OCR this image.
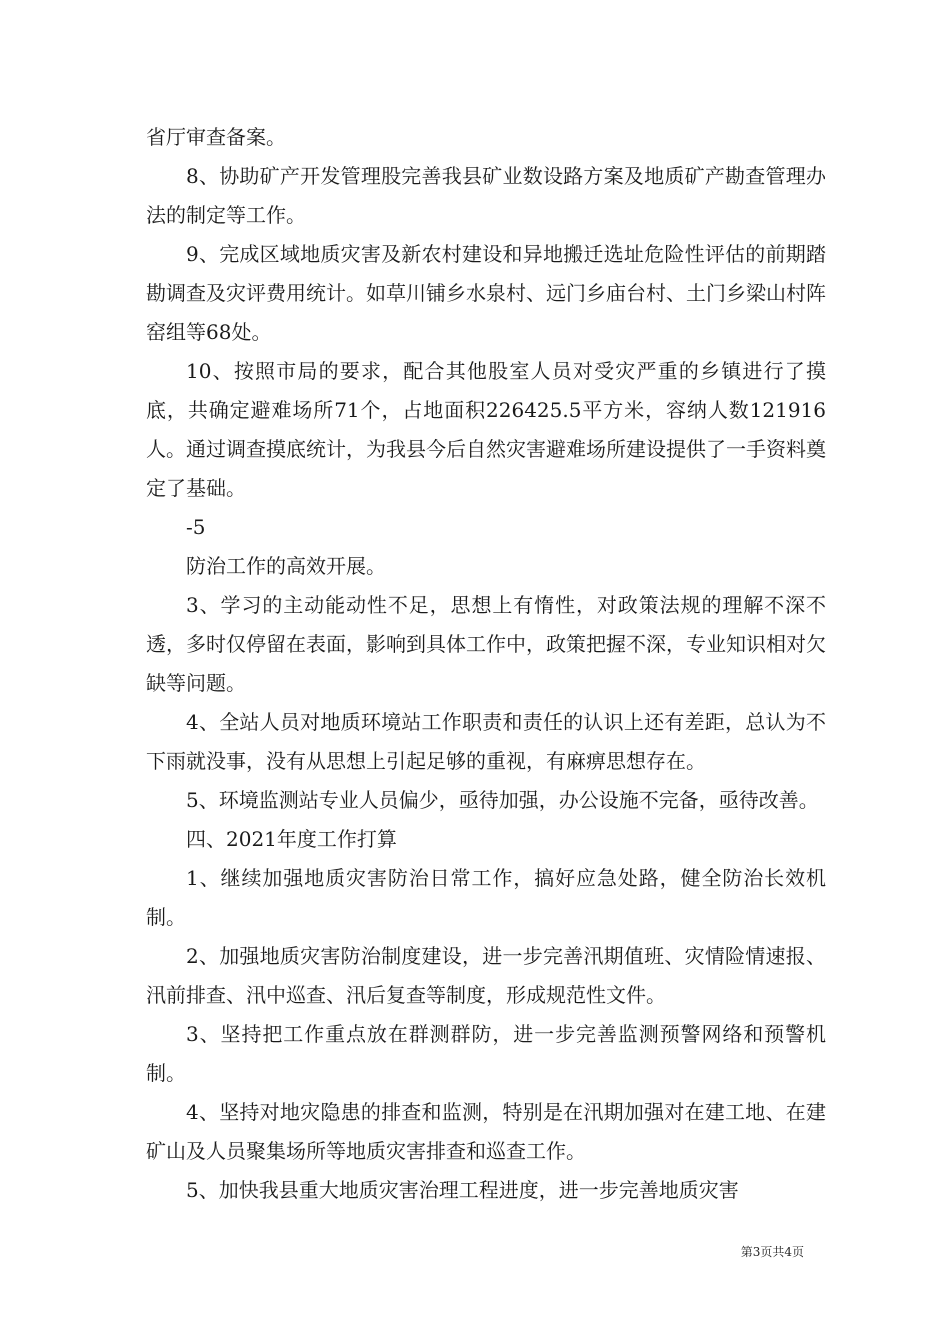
省厅审查备案。

8、协助矿产开发管理股完善我县矿业数设路方案及地质矿产勘查管理办法的制定等工作。

9、完成区域地质灾害及新农村建设和异地搬迁选址危险性评估的前期踏勘调查及灾评费用统计。如草川铺乡水泉村、远门乡庙台村、土门乡梁山村阵窑组等68处。

10、按照市局的要求，配合其他股室人员对受灾严重的乡镇进行了摸底，共确定避难场所71个，占地面积226425.5平方米，容纳人数121916人。通过调查摸底统计，为我县今后自然灾害避难场所建设提供了一手资料奠定了基础。

-5

防治工作的高效开展。

3、学习的主动能动性不足，思想上有惰性，对政策法规的理解不深不透，多时仅停留在表面，影响到具体工作中，政策把握不深，专业知识相对欠缺等问题。

4、全站人员对地质环境站工作职责和责任的认识上还有差距，总认为不下雨就没事，没有从思想上引起足够的重视，有麻痹思想存在。

5、环境监测站专业人员偏少，亟待加强，办公设施不完备，亟待改善。

四、2021年度工作打算

1、继续加强地质灾害防治日常工作，搞好应急处路，健全防治长效机制。

2、加强地质灾害防治制度建设，进一步完善汛期值班、灾情险情速报、汛前排查、汛中巡查、汛后复查等制度，形成规范性文件。

3、坚持把工作重点放在群测群防，进一步完善监测预警网络和预警机制。

4、坚持对地灾隐患的排查和监测，特别是在汛期加强对在建工地、在建矿山及人员聚集场所等地质灾害排查和巡查工作。

5、加快我县重大地质灾害治理工程进度，进一步完善地质灾害

第3页共4页
